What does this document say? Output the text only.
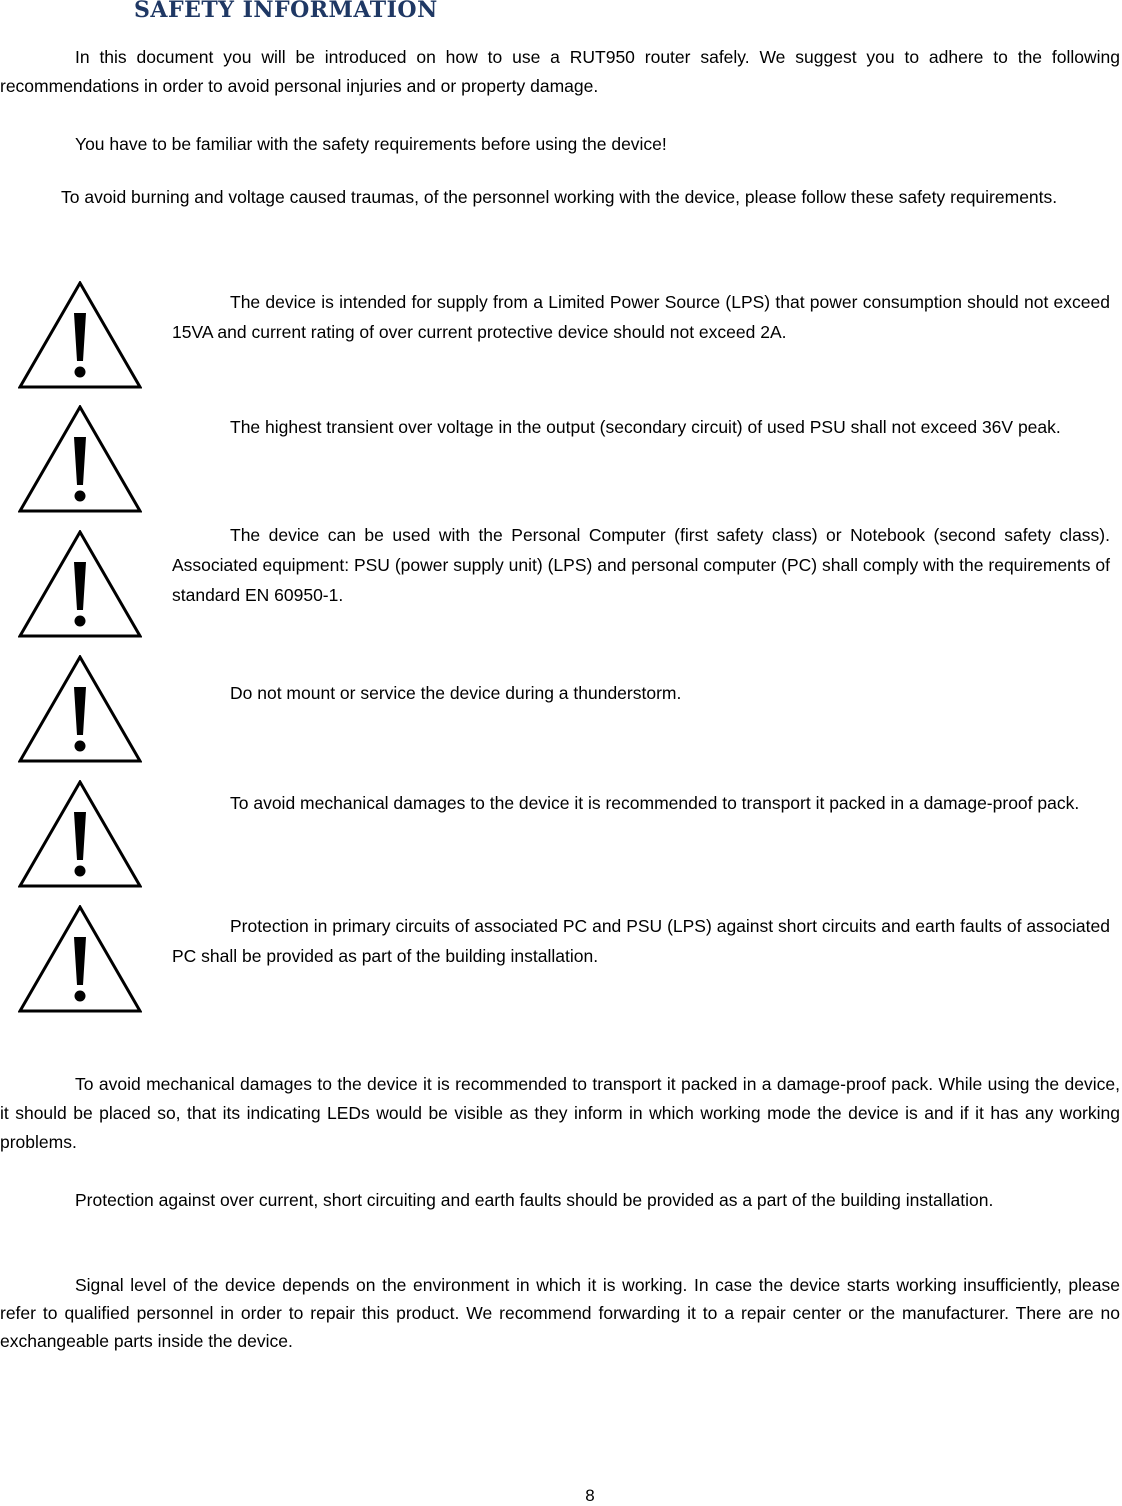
SAFETY INFORMATION

In this document you will be introduced on how to use a RUT950 router safely. We suggest you to adhere to the following recommendations in order to avoid personal injuries and or property damage.

You have to be familiar with the safety requirements before using the device!

To avoid burning and voltage caused traumas, of the personnel working with the device, please follow these safety requirements.

The device is intended for supply from a Limited Power Source (LPS) that power consumption should not exceed 15VA and current rating of over current protective device should not exceed 2A.

The highest transient over voltage in the output (secondary circuit) of used PSU shall not exceed 36V peak.

The device can be used with the Personal Computer (first safety class) or Notebook (second safety class). Associated equipment: PSU (power supply unit) (LPS) and personal computer (PC) shall comply with the requirements of standard EN 60950-1.

Do not mount or service the device during a thunderstorm.

To avoid mechanical damages to the device it is recommended to transport it packed in a damage-proof pack.

Protection in primary circuits of associated PC and PSU (LPS) against short circuits and earth faults of associated PC shall be provided as part of the building installation.

To avoid mechanical damages to the device it is recommended to transport it packed in a damage-proof pack. While using the device, it should be placed so, that its indicating LEDs would be visible as they inform in which working mode the device is and if it has any working problems.

Protection against over current, short circuiting and earth faults should be provided as a part of the building installation.

Signal level of the device depends on the environment in which it is working. In case the device starts working insufficiently, please refer to qualified personnel in order to repair this product. We recommend forwarding it to a repair center or the manufacturer. There are no exchangeable parts inside the device.

8
